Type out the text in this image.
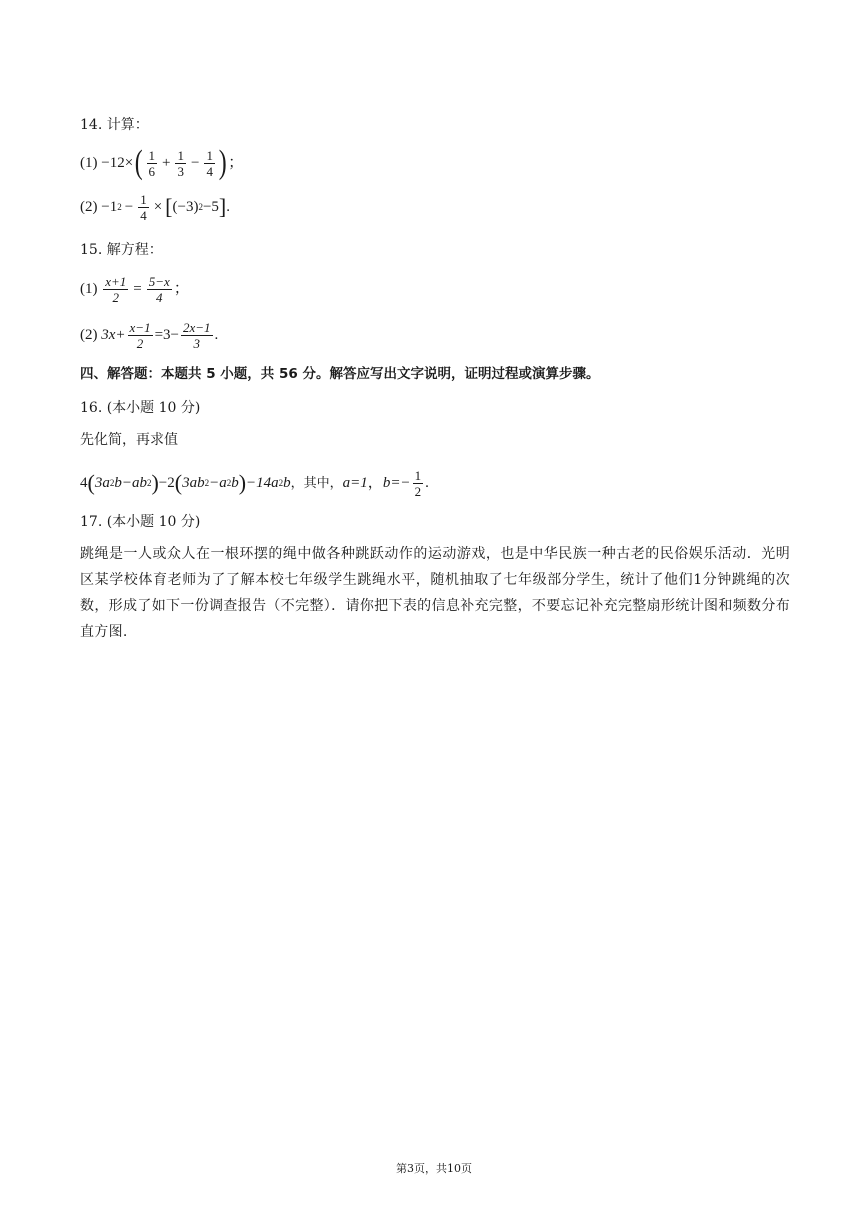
14. 计算：
(1)
−12× ( $\frac{1}{6} + \frac{1}{3} - \frac{1}{4}$ ) ；
(2)
−1 $2 - \frac{1}{4}$ × [ (−3) 2 −5 ] .
15. 解方程：
(1)
$\frac{x+1}{2} = \frac{5-x}{4}$ ；
(2)
$3x+ \frac{x-1}{2} =3- \frac{2x-1}{3}$ .
四、解答题：本题共 5 小题，共 56 分。解答应写出文字说明，证明过程或演算步骤。
16. (本小题 10 分)
先化简，再求值
4 ( 3a 2 b−ab 2 ) −2 ( 3ab 2 −a 2 b ) −14a 2 b ，其中， a=1 ， $b=- \frac{1}{2}$ .
17. (本小题 10 分)
跳绳是一人或众人在一根环摆的绳中做各种跳跃动作的运动游戏，也是中华民族一种古老的民俗娱乐活动．光明区某学校体育老师为了了解本校七年级学生跳绳水平，随机抽取了七年级部分学生，统计了他们1分钟跳绳的次数，形成了如下一份调查报告（不完整）．请你把下表的信息补充完整，不要忘记补充完整扇形统计图和频数分布直方图.
第3页，共10页
